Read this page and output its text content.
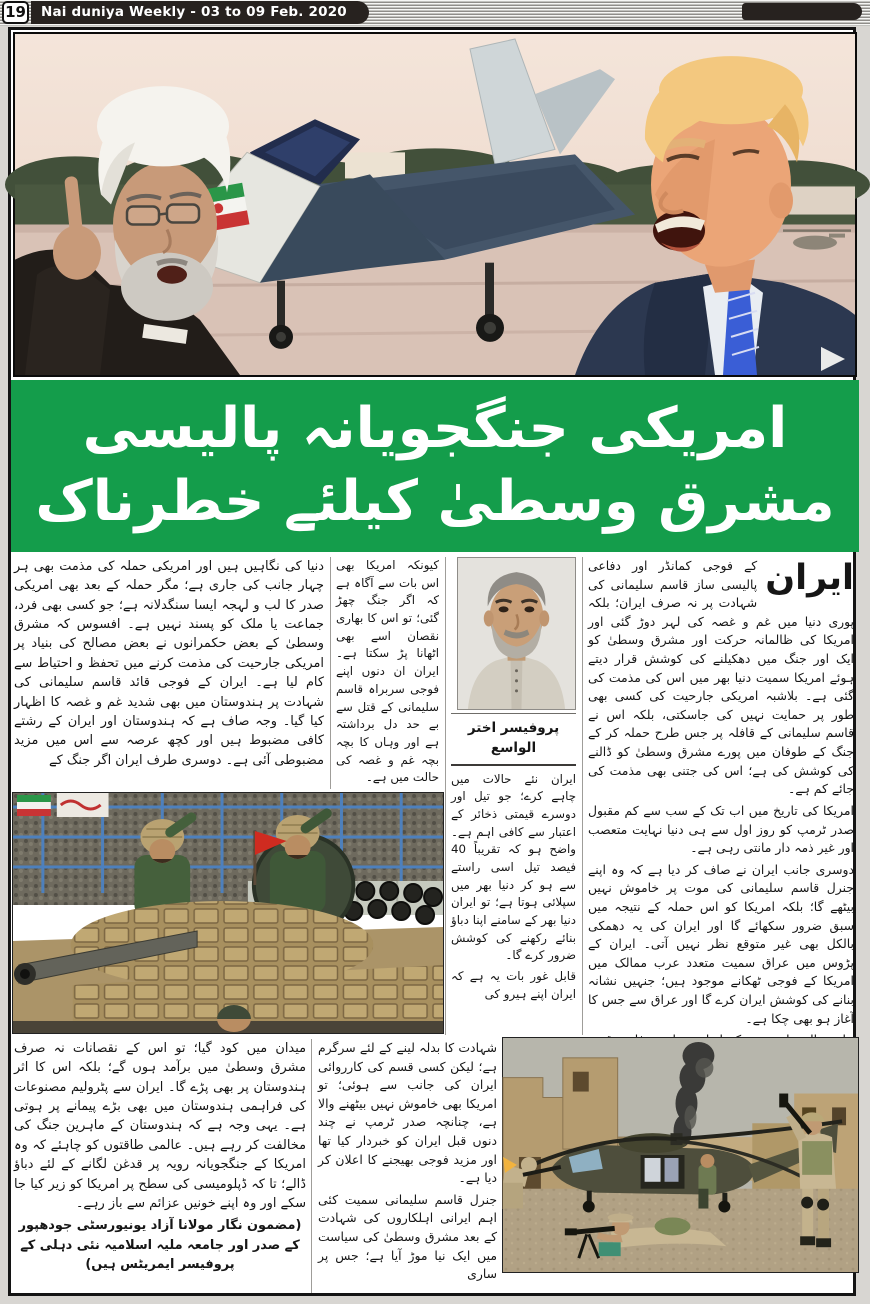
19	Nai duniya Weekly - 03 to 09 Feb. 2020
امریکی جنگجویانہ پالیسی
مشرق وسطیٰ کیلئے خطرناک

ایران
کے فوجی کمانڈر اور دفاعی پالیسی ساز قاسم سلیمانی کی شہادت پر نہ صرف ایران؛ بلکہ پوری دنیا میں غم و غصہ کی لہر دوڑ گئی اور امریکا کی ظالمانہ حرکت اور مشرق وسطیٰ کو ایک اور جنگ میں دھکیلنے کی کوشش قرار دیتے ہوئے امریکا سمیت دنیا بھر میں اس کی مذمت کی گئی ہے۔ بلاشبہ امریکی جارحیت کی کسی بھی طور پر حمایت نہیں کی جاسکتی، بلکہ اس نے قاسم سلیمانی کے قافلہ پر جس طرح حملہ کر کے جنگ کے طوفان میں پورے مشرق وسطیٰ کو ڈالنے کی کوشش کی ہے؛ اس کی جتنی بھی مذمت کی جائے کم ہے۔

امریکا کی تاریخ میں اب تک کے سب سے کم مقبول صدر ٹرمپ کو روز اول سے ہی دنیا نہایت متعصب اور غیر ذمہ دار مانتی رہی ہے۔

دوسری جانب ایران نے صاف کر دیا ہے کہ وہ اپنے جنرل قاسم سلیمانی کی موت پر خاموش نہیں بیٹھے گا؛ بلکہ امریکا کو اس حملہ کے نتیجہ میں سبق ضرور سکھائے گا اور ایران کی یہ دھمکی بالکل بھی غیر متوقع نظر نہیں آتی۔ ایران کے پڑوس میں عراق سمیت متعدد عرب ممالک میں امریکا کے فوجی ٹھکانے موجود ہیں؛ جنہیں نشانہ بنانے کی کوشش ایران کرے گا اور عراق سے جس کا آغاز ہو بھی چکا ہے۔

پروفیسر اختر الواسع

ایران نئے حالات میں چاہے کرے؛ جو تیل اور دوسرے قیمتی ذخائر کے اعتبار سے کافی اہم ہے۔ واضح ہو کہ تقریباً 40 فیصد تیل اسی راستے سے ہو کر دنیا بھر میں سپلائی ہوتا ہے؛ تو ایران دنیا بھر کے سامنے اپنا دباؤ بنائے رکھنے کی کوشش ضرور کرے گا۔

قابل غور بات یہ ہے کہ ایران اپنے ہیرو کی

کیونکہ امریکا بھی اس بات سے آگاہ ہے کہ اگر جنگ چھڑ گئی؛ تو اس کا بھاری نقصان اسے بھی اٹھانا پڑ سکتا ہے۔ ایران ان دنوں اپنے فوجی سربراہ قاسم سلیمانی کے قتل سے بے حد دل برداشتہ ہے اور وہاں کا بچہ بچہ غم و غصہ کی حالت میں ہے۔

دنیا کی نگاہیں ہیں اور امریکی حملہ کی مذمت بھی ہر چہار جانب کی جاری ہے؛ مگر حملہ کے بعد بھی امریکی صدر کا لب و لہجہ ایسا سنگدلانہ ہے؛ جو کسی بھی فرد، جماعت یا ملک کو پسند نہیں ہے۔ افسوس کہ مشرق وسطیٰ کے بعض حکمرانوں نے بعض مصالح کی بنیاد پر امریکی جارحیت کی مذمت کرنے میں تحفظ و احتیاط سے کام لیا ہے۔ ایران کے فوجی قائد قاسم سلیمانی کی شہادت پر ہندوستان میں بھی شدید غم و غصہ کا اظہار کیا گیا۔ وجہ صاف ہے کہ ہندوستان اور ایران کے رشتے کافی مضبوط ہیں اور کچھ عرصہ سے اس میں مزید مضبوطی آئی ہے۔ دوسری طرف ایران اگر جنگ کے

شہادت کا بدلہ لینے کے لئے سرگرم ہے؛ لیکن کسی قسم کی کارروائی ایران کی جانب سے ہوئی؛ تو امریکا بھی خاموش نہیں بیٹھنے والا ہے، چنانچہ صدر ٹرمپ نے چند دنوں قبل ایران کو خبردار کیا تھا اور مزید فوجی بھیجنے کا اعلان کر دیا ہے۔

جنرل قاسم سلیمانی سمیت کئی اہم ایرانی اہلکاروں کی شہادت کے بعد مشرق وسطیٰ کی سیاست میں ایک نیا موڑ آیا ہے؛ جس پر ساری

میدان میں کود گیا؛ تو اس کے نقصانات نہ صرف مشرق وسطیٰ میں برآمد ہوں گے؛ بلکہ اس کا اثر ہندوستان پر بھی پڑے گا۔ ایران سے پٹرولیم مصنوعات کی فراہمی ہندوستان میں بھی بڑے پیمانے پر ہوتی ہے۔ یہی وجہ ہے کہ ہندوستان کے ماہرین جنگ کی مخالفت کر رہے ہیں۔ عالمی طاقتوں کو چاہئے کہ وہ امریکا کے جنگجویانہ رویہ پر قدغن لگانے کے لئے دباؤ ڈالے؛ تا کہ ڈپلومیسی کی سطح پر امریکا کو زیر کیا جا سکے اور وہ اپنے خونیں عزائم سے باز رہے۔

(مضمون نگار مولانا آزاد یونیورسٹی جودھپور کے صدر اور جامعہ ملیہ اسلامیہ نئی دہلی کے پروفیسر ایمریٹس ہیں)
